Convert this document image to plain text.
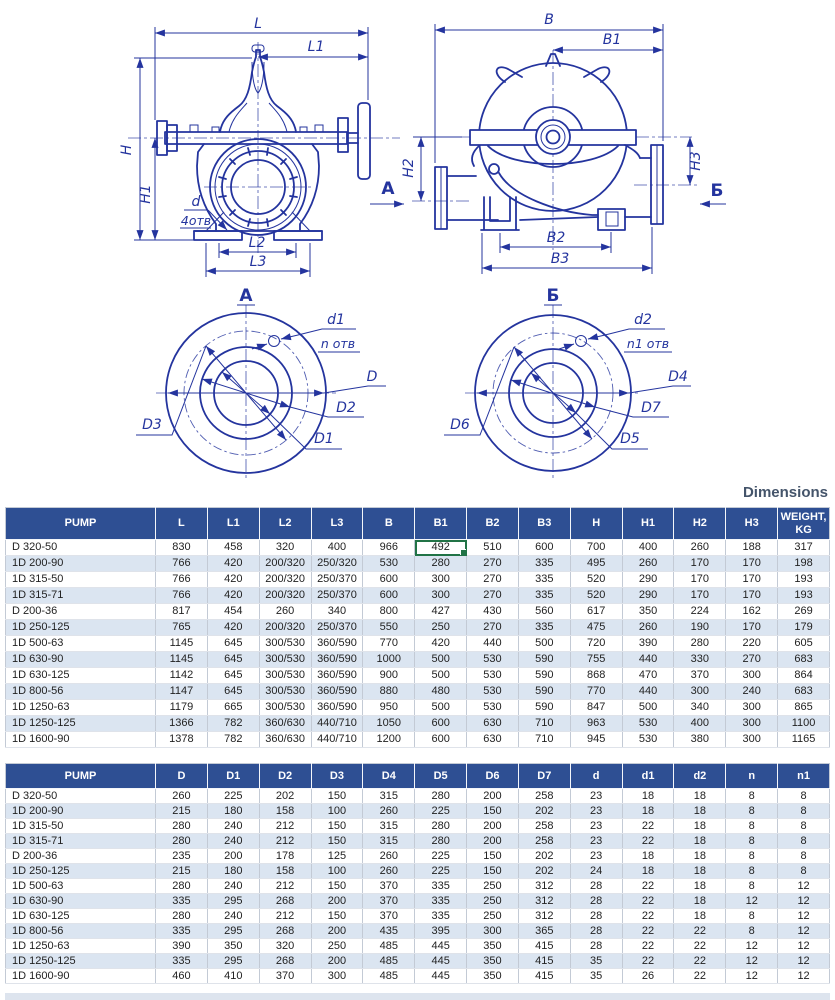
L
L1
H
H1	d
4отв
L2
L3
B
B1
H2	H3
B2
B3
А	Б
А
d1
n отв
D
D2
D1
D3
Б
d2
n1 отв
D4
D7
D5
D6
Dimensions
PUMP	L	L1	L2	L3	B	B1	B2	B3	H	H1	H2	H3	WEIGHT, KG
D 320-50	830	458	320	400	966	492	510	600	700	400	260	188	317
1D 200-90	766	420	200/320	250/320	530	280	270	335	495	260	170	170	198
1D 315-50	766	420	200/320	250/370	600	300	270	335	520	290	170	170	193
1D 315-71	766	420	200/320	250/370	600	300	270	335	520	290	170	170	193
D 200-36	817	454	260	340	800	427	430	560	617	350	224	162	269
1D 250-125	765	420	200/320	250/370	550	250	270	335	475	260	190	170	179
1D 500-63	1145	645	300/530	360/590	770	420	440	500	720	390	280	220	605
1D 630-90	1145	645	300/530	360/590	1000	500	530	590	755	440	330	270	683
1D 630-125	1142	645	300/530	360/590	900	500	530	590	868	470	370	300	864
1D 800-56	1147	645	300/530	360/590	880	480	530	590	770	440	300	240	683
1D 1250-63	1179	665	300/530	360/590	950	500	530	590	847	500	340	300	865
1D 1250-125	1366	782	360/630	440/710	1050	600	630	710	963	530	400	300	1100
1D 1600-90	1378	782	360/630	440/710	1200	600	630	710	945	530	380	300	1165
PUMP	D	D1	D2	D3	D4	D5	D6	D7	d	d1	d2	n	n1
D 320-50	260	225	202	150	315	280	200	258	23	18	18	8	8
1D 200-90	215	180	158	100	260	225	150	202	23	18	18	8	8
1D 315-50	280	240	212	150	315	280	200	258	23	22	18	8	8
1D 315-71	280	240	212	150	315	280	200	258	23	22	18	8	8
D 200-36	235	200	178	125	260	225	150	202	23	18	18	8	8
1D 250-125	215	180	158	100	260	225	150	202	24	18	18	8	8
1D 500-63	280	240	212	150	370	335	250	312	28	22	18	8	12
1D 630-90	335	295	268	200	370	335	250	312	28	22	18	12	12
1D 630-125	280	240	212	150	370	335	250	312	28	22	18	8	12
1D 800-56	335	295	268	200	435	395	300	365	28	22	22	8	12
1D 1250-63	390	350	320	250	485	445	350	415	28	22	22	12	12
1D 1250-125	335	295	268	200	485	445	350	415	35	22	22	12	12
1D 1600-90	460	410	370	300	485	445	350	415	35	26	22	12	12
